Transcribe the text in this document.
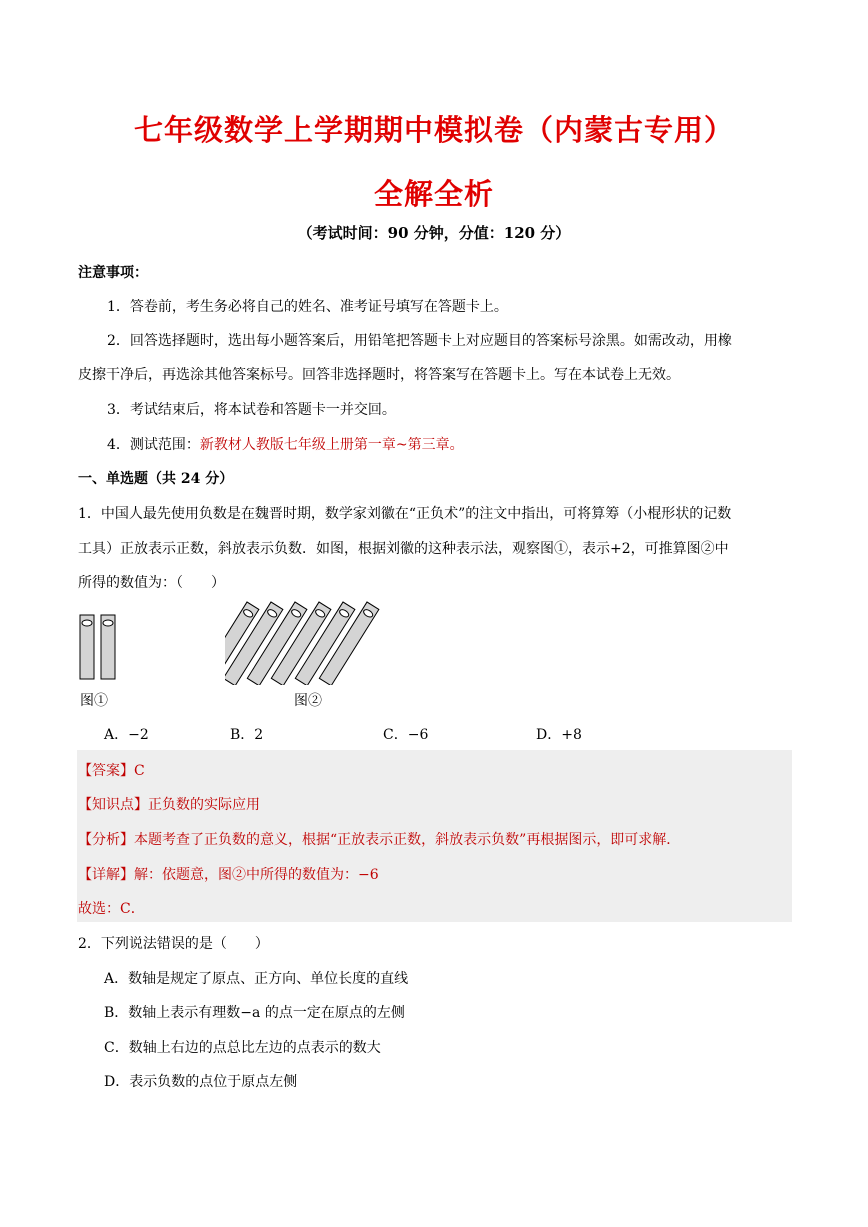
七年级数学上学期期中模拟卷（内蒙古专用）
全解全析
（考试时间：90 分钟，分值：120 分）
注意事项：
1．答卷前，考生务必将自己的姓名、准考证号填写在答题卡上。
2．回答选择题时，选出每小题答案后，用铅笔把答题卡上对应题目的答案标号涂黑。如需改动，用橡
皮擦干净后，再选涂其他答案标号。回答非选择题时，将答案写在答题卡上。写在本试卷上无效。
3．考试结束后，将本试卷和答题卡一并交回。
4．测试范围：新教材人教版七年级上册第一章~第三章。
一、单选题（共 24 分）
1．中国人最先使用负数是在魏晋时期，数学家刘徽在“正负术”的注文中指出，可将算筹（小棍形状的记数
工具）正放表示正数，斜放表示负数．如图，根据刘徽的这种表示法，观察图①，表示+2，可推算图②中
所得的数值为：（　　）
图①	图②
A．−2	B．2	C．−6	D．+8
【答案】C
【知识点】正负数的实际应用
【分析】本题考查了正负数的意义，根据“正放表示正数，斜放表示负数”再根据图示，即可求解．
【详解】解：依题意，图②中所得的数值为：−6
故选：C．
2．下列说法错误的是（　　）
A．数轴是规定了原点、正方向、单位长度的直线
B．数轴上表示有理数−a 的点一定在原点的左侧
C．数轴上右边的点总比左边的点表示的数大
D．表示负数的点位于原点左侧
